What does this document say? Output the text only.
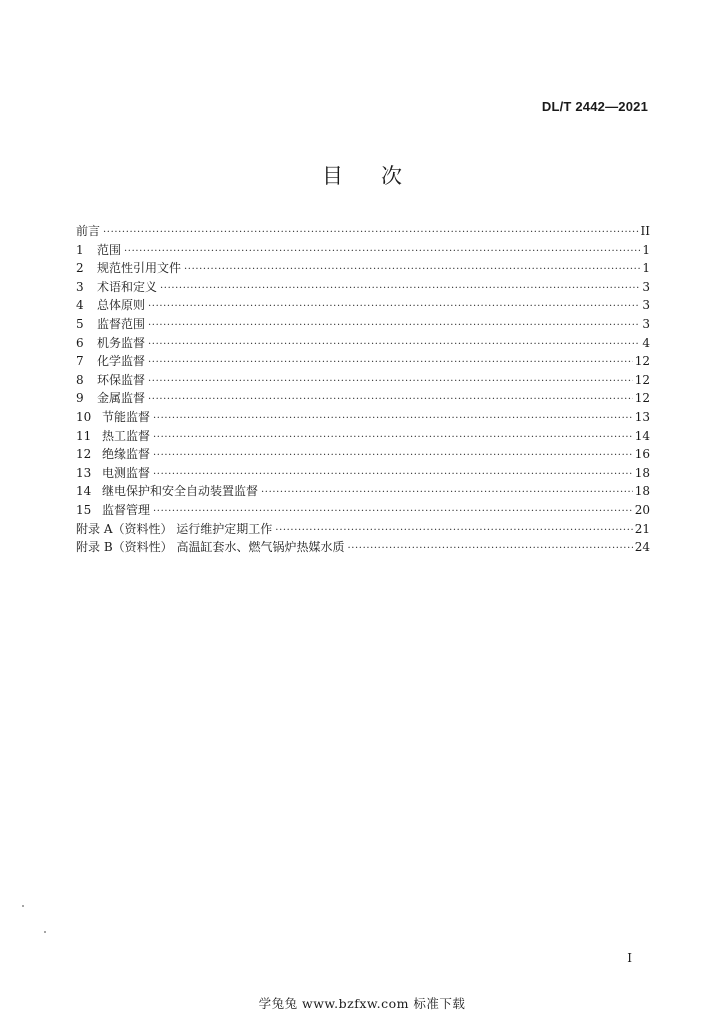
DL/T 2442—2021
目 次
前言 ·····	II
1	范围 ·····	1
2	规范性引用文件 ·····	1
3	术语和定义 ·····	3
4	总体原则 ·····	3
5	监督范围 ·····	3
6	机务监督 ·····	4
7	化学监督 ·····	12
8	环保监督 ·····	12
9	金属监督 ·····	12
10 节能监督 ·····	13
11 热工监督 ·····	14
12 绝缘监督 ·····	16
13 电测监督 ·····	18
14 继电保护和安全自动装置监督 ·····	18
15 监督管理 ·····	20
附录 A（资料性） 运行维护定期工作 ·····	21
附录 B（资料性） 高温缸套水、燃气锅炉热媒水质 ·····	24
I
学兔兔 www.bzfxw.com 标准下载
